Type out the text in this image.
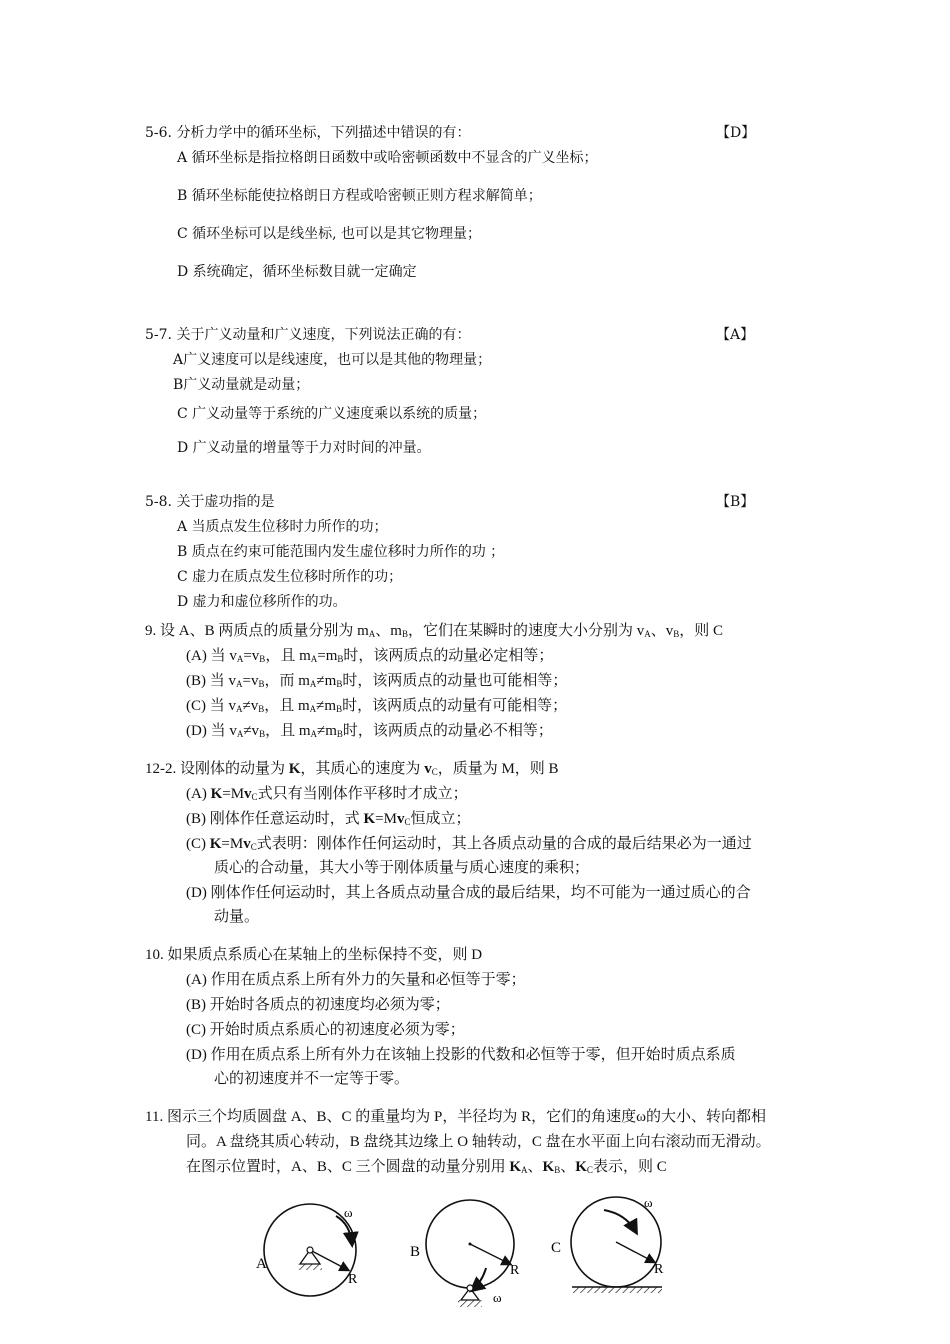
5-6. 分析力学中的循环坐标，下列描述中错误的有：	【D】
A 循环坐标是指拉格朗日函数中或哈密顿函数中不显含的广义坐标；
B 循环坐标能使拉格朗日方程或哈密顿正则方程求解简单；
C 循环坐标可以是线坐标, 也可以是其它物理量；
D 系统确定，循环坐标数目就一定确定
5-7. 关于广义动量和广义速度，下列说法正确的有：	【A】
A广义速度可以是线速度，也可以是其他的物理量；
B广义动量就是动量；
C 广义动量等于系统的广义速度乘以系统的质量；
D 广义动量的增量等于力对时间的冲量。
5-8. 关于虚功指的是	【B】
A 当质点发生位移时力所作的功；
B 质点在约束可能范围内发生虚位移时力所作的功 ；
C 虚力在质点发生位移时所作的功；
D 虚力和虚位移所作的功。
9. 设 A、B 两质点的质量分别为 $m_A$、$m_B$，它们在某瞬时的速度大小分别为 $v_A$、$v_B$，则 C
(A) 当 $v_A=v_B$，且 $m_A=m_B$时，该两质点的动量必定相等；
(B) 当 $v_A=v_B$，而 $m_A\ne m_B$时，该两质点的动量也可能相等；
(C) 当 $v_A\ne v_B$，且 $m_A\ne m_B$时，该两质点的动量有可能相等；
(D) 当 $v_A\ne v_B$，且 $m_A\ne m_B$时，该两质点的动量必不相等；
12-2. 设刚体的动量为 K，其质心的速度为 $v_C$，质量为 M，则 B
(A) $K=Mv_C$式只有当刚体作平移时才成立；
(B) 刚体作任意运动时，式 $K=Mv_C$恒成立；
(C) $K=Mv_C$式表明：刚体作任何运动时，其上各质点动量的合成的最后结果必为一通过
质心的合动量，其大小等于刚体质量与质心速度的乘积；
(D) 刚体作任何运动时，其上各质点动量合成的最后结果，均不可能为一通过质心的合
动量。
10. 如果质点系质心在某轴上的坐标保持不变，则 D
(A) 作用在质点系上所有外力的矢量和必恒等于零；
(B) 开始时各质点的初速度均必须为零；
(C) 开始时质点系质心的初速度必须为零；
(D) 作用在质点系上所有外力在该轴上投影的代数和必恒等于零，但开始时质点系质
心的初速度并不一定等于零。
11. 图示三个均质圆盘 A、B、C 的重量均为 P，半径均为 R，它们的角速度ω的大小、转向都相
同。A 盘绕其质心转动，B 盘绕其边缘上 O 轴转动，C 盘在水平面上向右滚动而无滑动。
在图示位置时，A、B、C 三个圆盘的动量分别用 $K_A$、$K_B$、$K_C$表示，则 C
A
R
ω
B
R
ω
C
R
ω
